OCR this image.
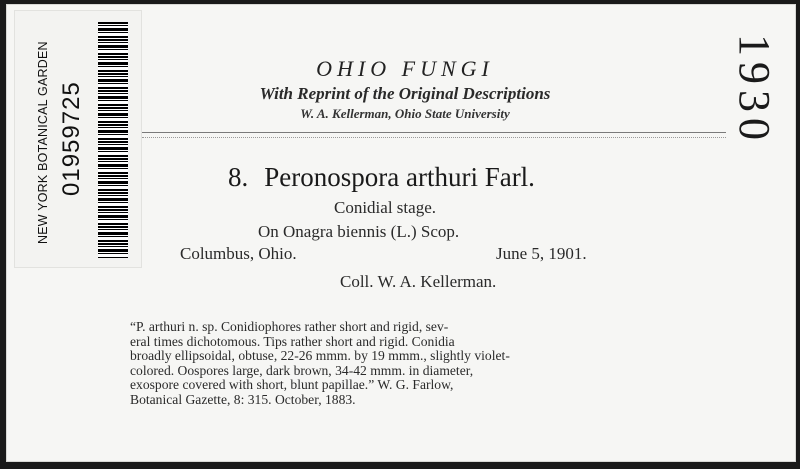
NEW YORK BOTANICAL GARDEN 01959725	1930
OHIO FUNGI
With Reprint of the Original Descriptions
W. A. Kellerman, Ohio State University
8. Peronospora arthuri Farl.
Conidial stage.
On Onagra biennis (L.) Scop.
Columbus, Ohio.	June 5, 1901.
Coll. W. A. Kellerman.
“P. arthuri n. sp. Conidiophores rather short and rigid, sev-
eral times dichotomous. Tips rather short and rigid. Conidia
broadly ellipsoidal, obtuse, 22-26 mmm. by 19 mmm., slightly violet-
colored. Oospores large, dark brown, 34-42 mmm. in diameter,
exospore covered with short, blunt papillae.” W. G. Farlow,
Botanical Gazette, 8: 315. October, 1883.
